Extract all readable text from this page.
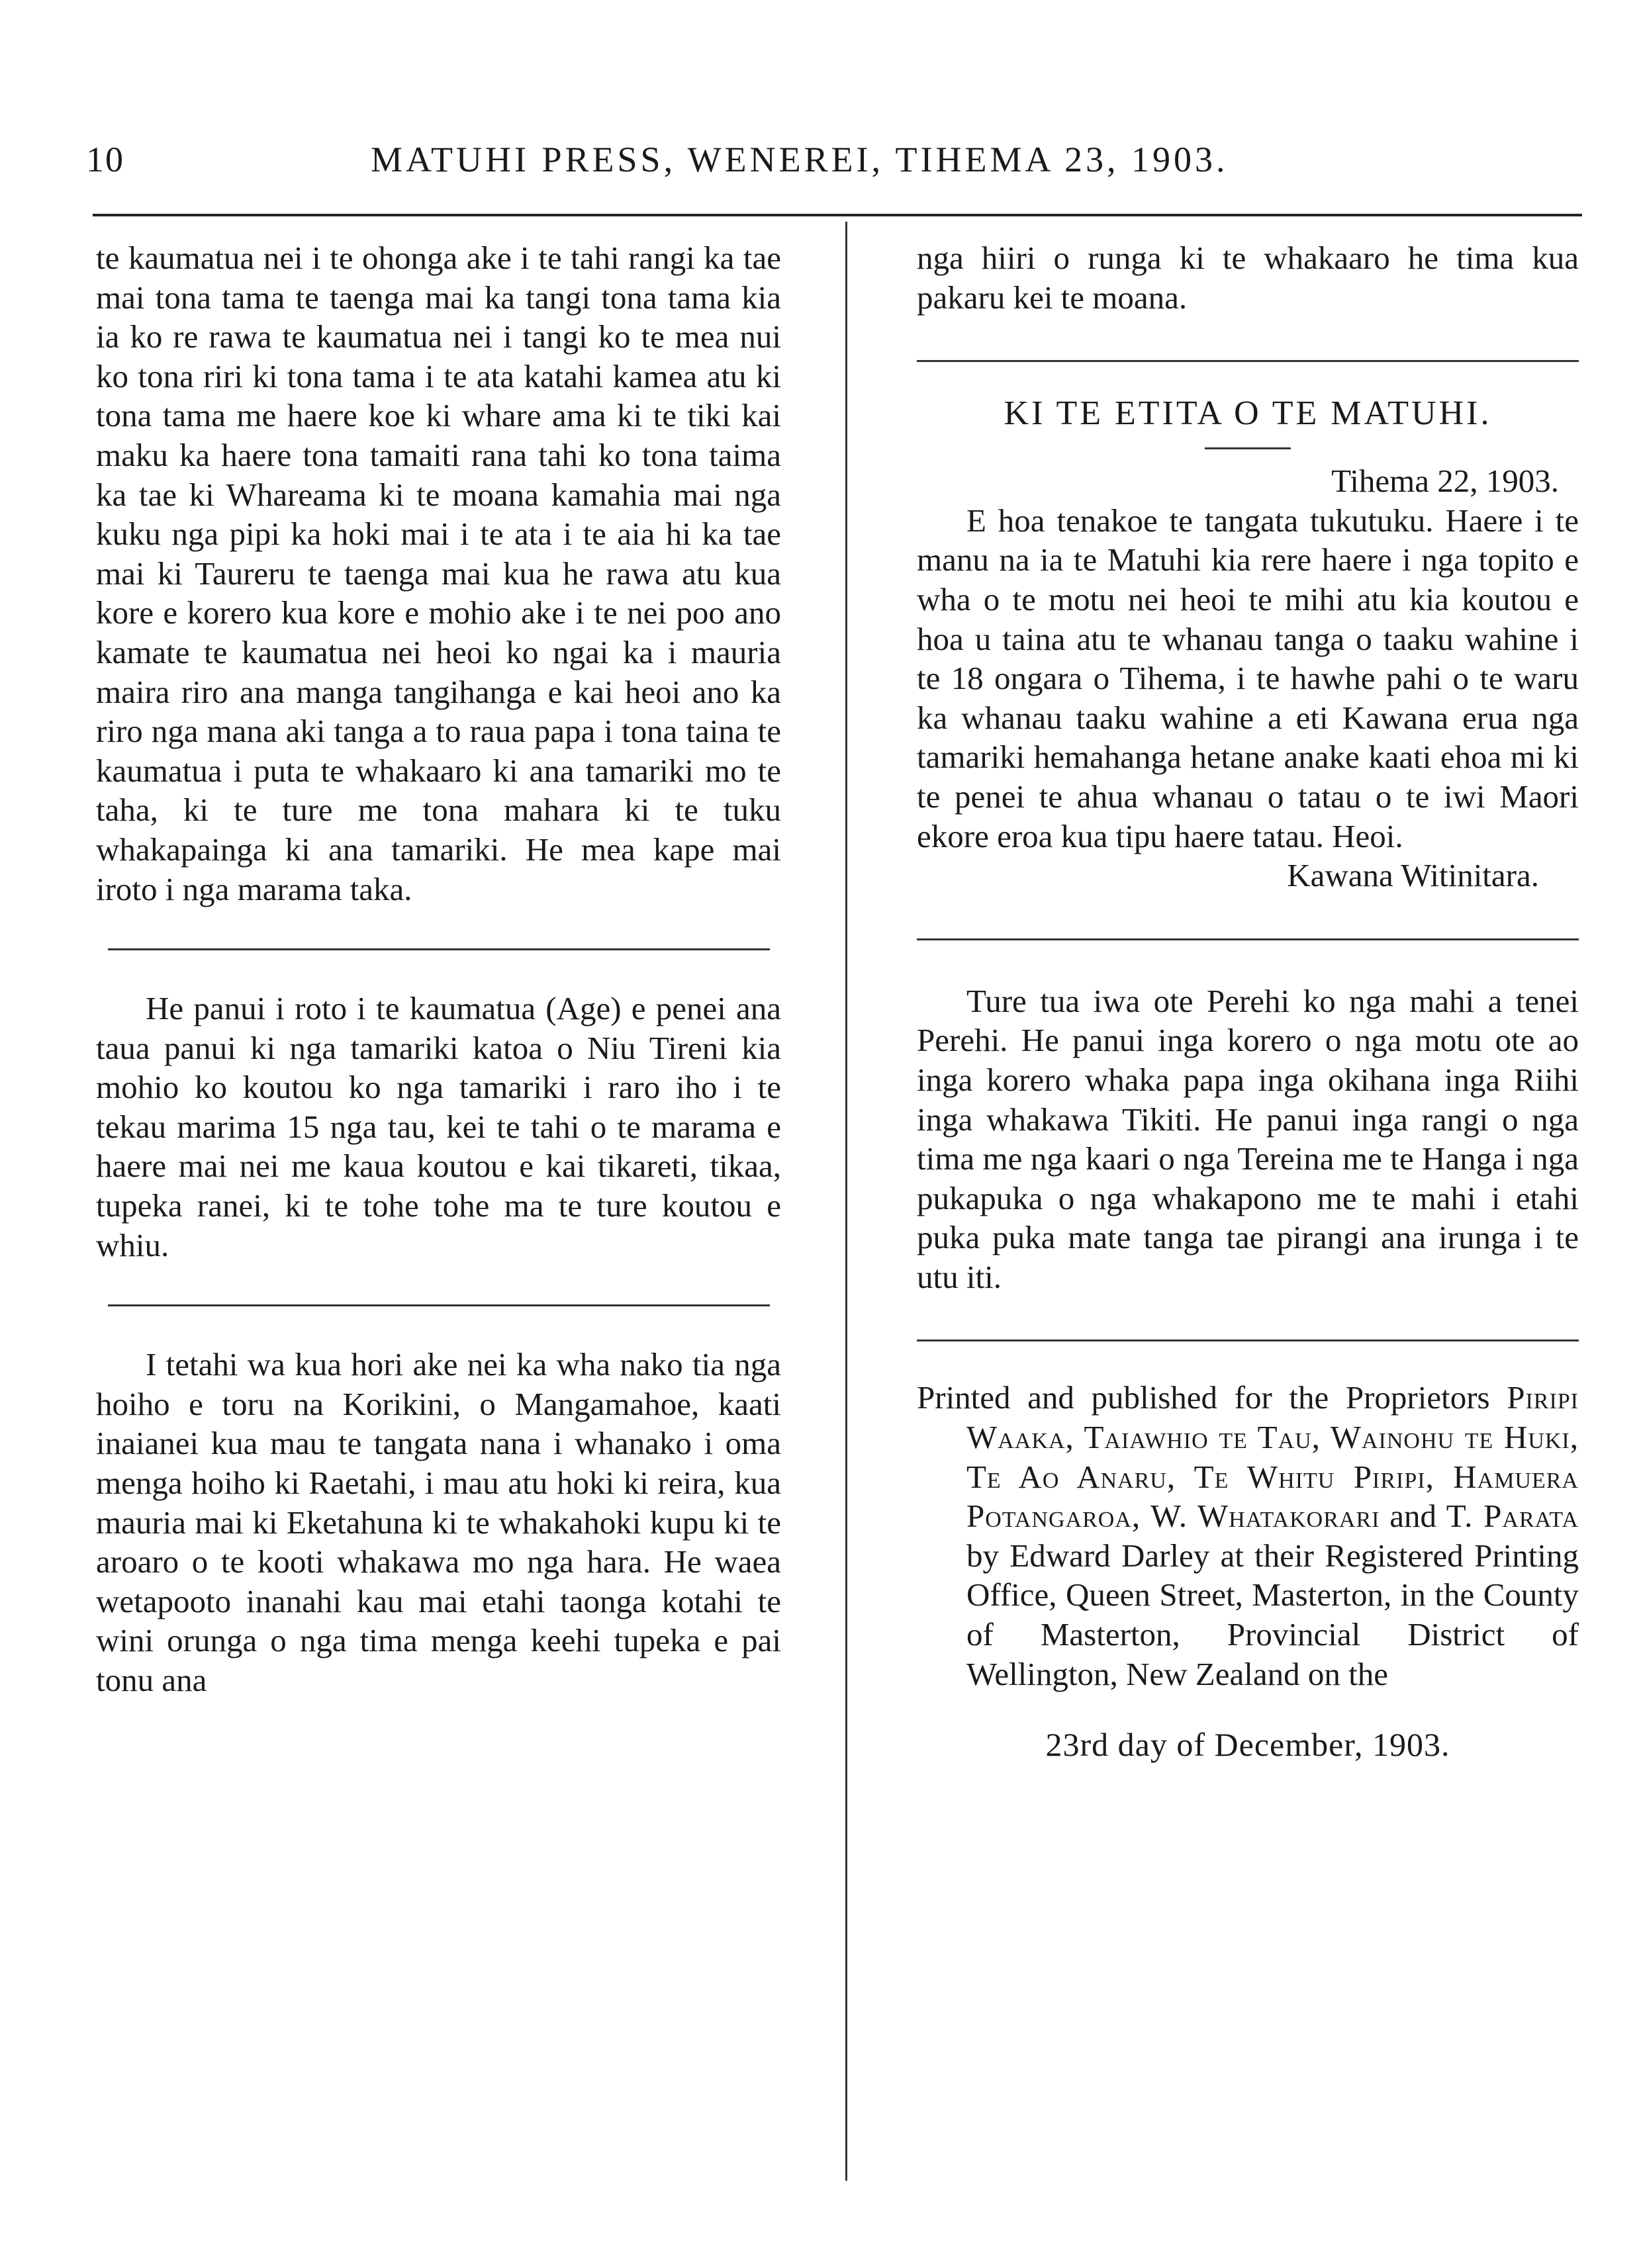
10	MATUHI PRESS, WENEREI, TIHEMA 23, 1903.

te kaumatua nei i te ohonga ake i te tahi rangi ka tae mai tona tama te taenga mai ka tangi tona tama kia ia ko re rawa te kaumatua nei i tangi ko te mea nui ko tona riri ki tona tama i te ata katahi kamea atu ki tona tama me haere koe ki whare ama ki te tiki kai maku ka haere tona tamaiti rana tahi ko tona taima ka tae ki Whareama ki te moana kamahia mai nga kuku nga pipi ka hoki mai i te ata i te aia hi ka tae mai ki Taureru te taenga mai kua he rawa atu kua kore e korero kua kore e mohio ake i te nei poo ano kamate te kaumatua nei heoi ko ngai ka i mauria maira riro ana manga tangihanga e kai heoi ano ka riro nga mana aki tanga a to raua papa i tona taina te kaumatua i puta te whakaaro ki ana tamariki mo te taha, ki te ture me tona mahara ki te tuku whakapainga ki ana tamariki. He mea kape mai iroto i nga marama taka.

He panui i roto i te kaumatua (Age) e penei ana taua panui ki nga tamariki katoa o Niu Tireni kia mohio ko koutou ko nga tamariki i raro iho i te tekau marima 15 nga tau, kei te tahi o te marama e haere mai nei me kaua koutou e kai tikareti, tikaa, tupeka ranei, ki te tohe tohe ma te ture koutou e whiu.

I tetahi wa kua hori ake nei ka wha nako tia nga hoiho e toru na Korikini, o Mangamahoe, kaati inaianei kua mau te tangata nana i whanako i oma menga hoiho ki Raetahi, i mau atu hoki ki reira, kua mauria mai ki Eketahuna ki te whakahoki kupu ki te aroaro o te kooti whakawa mo nga hara. He waea wetapooto inanahi kau mai etahi taonga kotahi te wini orunga o nga tima menga keehi tupeka e pai tonu ana

nga hiiri o runga ki te whakaaro he tima kua pakaru kei te moana.

KI TE ETITA O TE MATUHI.
Tihema 22, 1903.

E hoa tenakoe te tangata tukutuku. Haere i te manu na ia te Matuhi kia rere haere i nga topito e wha o te motu nei heoi te mihi atu kia koutou e hoa u taina atu te whanau tanga o taaku wahine i te 18 ongara o Tihema, i te hawhe pahi o te waru ka whanau taaku wahine a eti Kawana erua nga tamariki hemahanga hetane anake kaati ehoa mi ki te penei te ahua whanau o tatau o te iwi Maori ekore eroa kua tipu haere tatau. Heoi.

Kawana Witinitara.

Ture tua iwa ote Perehi ko nga mahi a tenei Perehi. He panui inga korero o nga motu ote ao inga korero whaka papa inga okihana inga Riihi inga whakawa Tikiti. He panui inga rangi o nga tima me nga kaari o nga Tereina me te Hanga i nga pukapuka o nga whakapono me te mahi i etahi puka puka mate tanga tae pirangi ana irunga i te utu iti.

Printed and published for the Proprietors Piripi Waaka, Taiawhio te Tau, Wainohu te Huki, Te Ao Anaru, Te Whitu Piripi, Hamuera Potangaroa, W. Whatakorari and T. Parata by Edward Darley at their Registered Printing Office, Queen Street, Masterton, in the County of Masterton, Provincial District of Wellington, New Zealand on the

23rd day of December, 1903.
